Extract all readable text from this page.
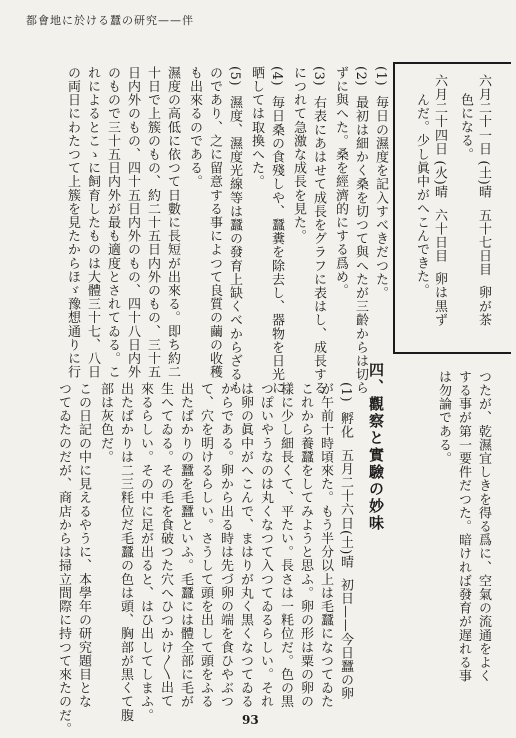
都會地に於ける蠶の研究——伴
六月二十一日 (土)晴  五十七日目  卵が茶
色になる。
六月二十四日 (火)晴  六十日目  卵は黒ず
んだ。少し眞中がへこんできた。
(1)  毎日の濕度を記入すべきだつた。
(2)  最初は細かく桑を切つて與へたが三齡からは切ら
ずに與へた。桑を經濟的にする爲め。
(3)  右表にあはせて成長をグラフに表はし、成長する
につれて急激な成長を見た。
(4)  毎日桑の食殘しや、蠶糞を除去し、器物を日光に
晒しては取換へた。
(5)  濕度、濕度光線等は蠶の發育上缺くべからざるも
のであり、之に留意する事によつて良質の繭の收穫
も出來るのである。
濕度の高低に依つて日數に長短が出來る。即ち約二
十日で上簇のもの、約二十五日内外のもの、三十五
日内外のもの、四十五日内外のもの、四十八日内外
のもので三十五日内外が最も適度とされてゐる。こ
れによるとこゝに飼育したものは大體三十七、八日
の両日にわたつて上簇を見たからほゞ豫想通りに行
つたが、乾濕宜しきを得る爲に、空氣の流通をよく
する事が第一要件だつた。暗ければ發育が遅れる事
は勿論である。
四、觀察と實驗の妙味
(1)  孵化  五月二十六日(土)晴  初日——今日蠶の卵
が午前十時頃來た。もう半分以上は毛蠶になつてゐた
これから養蠶をしてみようと思ふ。卵の形は粟の卵の
樣に少し細長くて、平たい。長さは一粍位だ。色の黒
つぽいやうなのは丸くなつて入つてゐるらしい。それ
は卵の眞中がへこんで、まはりが丸く黒くなつてゐる
からである。卵から出る時は先づ卵の端を食ひやぶつ
て、穴を明けるらしい。さうして頭を出して頭をふる
出たばかりの蠶を毛蠶といふ。毛蠶には體全部に毛が
生へてゐる。その毛を食破つた穴へひつかけ〳〵出て
來るらしい。その中に足が出ると、はひ出してしまふ。
出たばかりは二三粍位だ毛蠶の色は頭、胸部が黒くて腹
部は灰色だ。
この日記の中に見えるやうに、本學年の研究題目とな
つてゐたのだが、商店からは掃立間際に持つて來たのだ。	93
